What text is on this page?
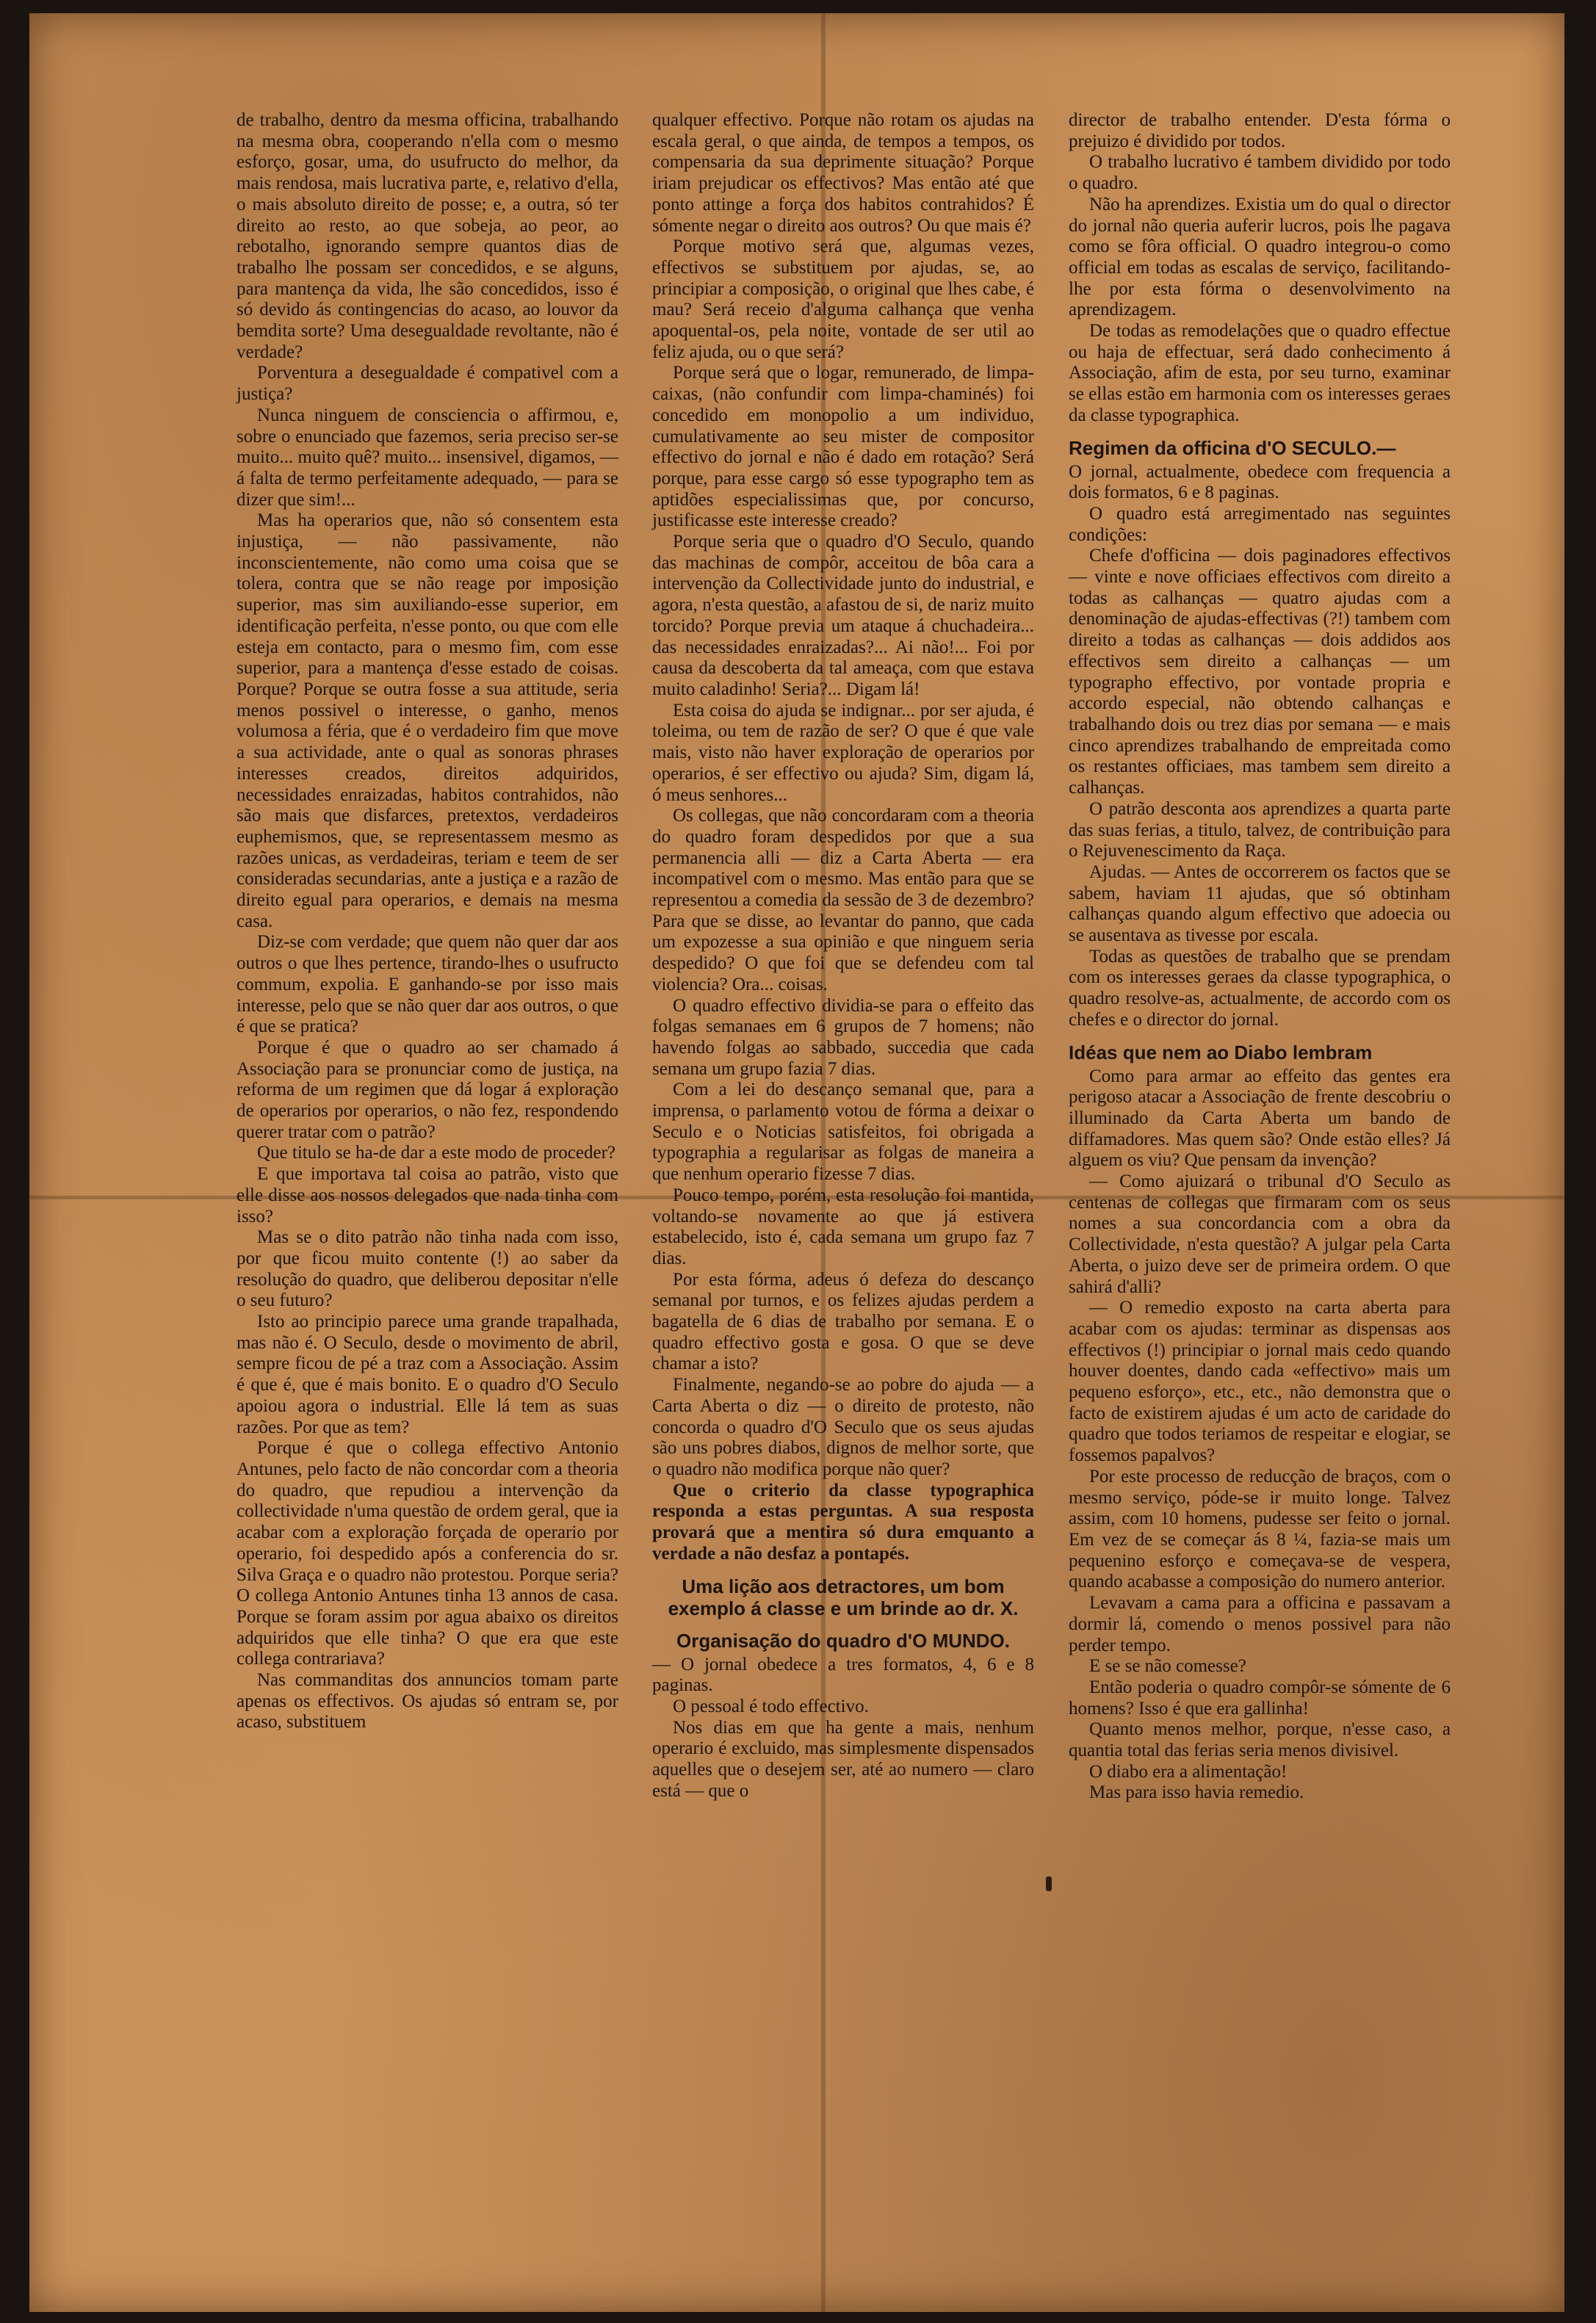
de trabalho, dentro da mesma officina, trabalhando na mesma obra, cooperando n'ella com o mesmo esforço, gosar, uma, do usufructo do melhor, da mais rendosa, mais lucrativa parte, e, relativo d'ella, o mais absoluto direito de posse; e, a outra, só ter direito ao resto, ao que sobeja, ao peor, ao rebotalho, ignorando sempre quantos dias de trabalho lhe possam ser concedidos, e se alguns, para mantença da vida, lhe são concedidos, isso é só devido ás contingencias do acaso, ao louvor da bemdita sorte? Uma desegualdade revoltante, não é verdade?

Porventura a desegualdade é compativel com a justiça?

Nunca ninguem de consciencia o affirmou, e, sobre o enunciado que fazemos, seria preciso ser-se muito... muito quê? muito... insensivel, digamos, — á falta de termo perfeitamente adequado, — para se dizer que sim!...

Mas ha operarios que, não só consentem esta injustiça, — não passivamente, não inconscientemente, não como uma coisa que se tolera, contra que se não reage por imposição superior, mas sim auxiliando-esse superior, em identificação perfeita, n'esse ponto, ou que com elle esteja em contacto, para o mesmo fim, com esse superior, para a mantença d'esse estado de coisas. Porque? Porque se outra fosse a sua attitude, seria menos possivel o interesse, o ganho, menos volumosa a féria, que é o verdadeiro fim que move a sua actividade, ante o qual as sonoras phrases interesses creados, direitos adquiridos, necessidades enraizadas, habitos contrahidos, não são mais que disfarces, pretextos, verdadeiros euphemismos, que, se representassem mesmo as razões unicas, as verdadeiras, teriam e teem de ser consideradas secundarias, ante a justiça e a razão de direito egual para operarios, e demais na mesma casa.

Diz-se com verdade; que quem não quer dar aos outros o que lhes pertence, tirando-lhes o usufructo commum, expolia. E ganhando-se por isso mais interesse, pelo que se não quer dar aos outros, o que é que se pratica?

Porque é que o quadro ao ser chamado á Associação para se pronunciar como de justiça, na reforma de um regimen que dá logar á exploração de operarios por operarios, o não fez, respondendo querer tratar com o patrão?

Que titulo se ha-de dar a este modo de proceder?

E que importava tal coisa ao patrão, visto que elle disse aos nossos delegados que nada tinha com isso?

Mas se o dito patrão não tinha nada com isso, por que ficou muito contente (!) ao saber da resolução do quadro, que deliberou depositar n'elle o seu futuro?

Isto ao principio parece uma grande trapalhada, mas não é. O Seculo, desde o movimento de abril, sempre ficou de pé a traz com a Associação. Assim é que é, que é mais bonito. E o quadro d'O Seculo apoiou agora o industrial. Elle lá tem as suas razões. Por que as tem?

Porque é que o collega effectivo Antonio Antunes, pelo facto de não concordar com a theoria do quadro, que repudiou a intervenção da collectividade n'uma questão de ordem geral, que ia acabar com a exploração forçada de operario por operario, foi despedido após a conferencia do sr. Silva Graça e o quadro não protestou. Porque seria? O collega Antonio Antunes tinha 13 annos de casa. Porque se foram assim por agua abaixo os direitos adquiridos que elle tinha? O que era que este collega contrariava?

Nas commanditas dos annuncios tomam parte apenas os effectivos. Os ajudas só entram se, por acaso, substituem

qualquer effectivo. Porque não rotam os ajudas na escala geral, o que ainda, de tempos a tempos, os compensaria da sua deprimente situação? Porque iriam prejudicar os effectivos? Mas então até que ponto attinge a força dos habitos contrahidos? É sómente negar o direito aos outros? Ou que mais é?

Porque motivo será que, algumas vezes, effectivos se substituem por ajudas, se, ao principiar a composição, o original que lhes cabe, é mau? Será receio d'alguma calhança que venha apoquental-os, pela noite, vontade de ser util ao feliz ajuda, ou o que será?

Porque será que o logar, remunerado, de limpa-caixas, (não confundir com limpa-chaminés) foi concedido em monopolio a um individuo, cumulativamente ao seu mister de compositor effectivo do jornal e não é dado em rotação? Será porque, para esse cargo só esse typographo tem as aptidões especialissimas que, por concurso, justificasse este interesse creado?

Porque seria que o quadro d'O Seculo, quando das machinas de compôr, acceitou de bôa cara a intervenção da Collectividade junto do industrial, e agora, n'esta questão, a afastou de si, de nariz muito torcido? Porque previa um ataque á chuchadeira... das necessidades enraizadas?... Ai não!... Foi por causa da descoberta da tal ameaça, com que estava muito caladinho! Seria?... Digam lá!

Esta coisa do ajuda se indignar... por ser ajuda, é toleima, ou tem de razão de ser? O que é que vale mais, visto não haver exploração de operarios por operarios, é ser effectivo ou ajuda? Sim, digam lá, ó meus senhores...

Os collegas, que não concordaram com a theoria do quadro foram despedidos por que a sua permanencia alli — diz a Carta Aberta — era incompativel com o mesmo. Mas então para que se representou a comedia da sessão de 3 de dezembro? Para que se disse, ao levantar do panno, que cada um expozesse a sua opinião e que ninguem seria despedido? O que foi que se defendeu com tal violencia? Ora... coisas.

O quadro effectivo dividia-se para o effeito das folgas semanaes em 6 grupos de 7 homens; não havendo folgas ao sabbado, succedia que cada semana um grupo fazia 7 dias.

Com a lei do descanço semanal que, para a imprensa, o parlamento votou de fórma a deixar o Seculo e o Noticias satisfeitos, foi obrigada a typographia a regularisar as folgas de maneira a que nenhum operario fizesse 7 dias.

Pouco tempo, porém, esta resolução foi mantida, voltando-se novamente ao que já estivera estabelecido, isto é, cada semana um grupo faz 7 dias.

Por esta fórma, adeus ó defeza do descanço semanal por turnos, e os felizes ajudas perdem a bagatella de 6 dias de trabalho por semana. E o quadro effectivo gosta e gosa. O que se deve chamar a isto?

Finalmente, negando-se ao pobre do ajuda — a Carta Aberta o diz — o direito de protesto, não concorda o quadro d'O Seculo que os seus ajudas são uns pobres diabos, dignos de melhor sorte, que o quadro não modifica porque não quer?

Que o criterio da classe typographica responda a estas perguntas. A sua resposta provará que a mentira só dura emquanto a verdade a não desfaz a pontapés.

Uma lição aos detractores, um bom exemplo á classe e um brinde ao dr. X.
Organisação do quadro d'O MUNDO.

— O jornal obedece a tres formatos, 4, 6 e 8 paginas.

O pessoal é todo effectivo.

Nos dias em que ha gente a mais, nenhum operario é excluido, mas simplesmente dispensados aquelles que o desejem ser, até ao numero — claro está — que o

director de trabalho entender. D'esta fórma o prejuizo é dividido por todos.

O trabalho lucrativo é tambem dividido por todo o quadro.

Não ha aprendizes. Existia um do qual o director do jornal não queria auferir lucros, pois lhe pagava como se fôra official. O quadro integrou-o como official em todas as escalas de serviço, facilitando-lhe por esta fórma o desenvolvimento na aprendizagem.

De todas as remodelações que o quadro effectue ou haja de effectuar, será dado conhecimento á Associação, afim de esta, por seu turno, examinar se ellas estão em harmonia com os interesses geraes da classe typographica.

Regimen da officina d'O SECULO.—

O jornal, actualmente, obedece com frequencia a dois formatos, 6 e 8 paginas.

O quadro está arregimentado nas seguintes condições:

Chefe d'officina — dois paginadores effectivos — vinte e nove officiaes effectivos com direito a todas as calhanças — quatro ajudas com a denominação de ajudas-effectivas (?!) tambem com direito a todas as calhanças — dois addidos aos effectivos sem direito a calhanças — um typographo effectivo, por vontade propria e accordo especial, não obtendo calhanças e trabalhando dois ou trez dias por semana — e mais cinco aprendizes trabalhando de empreitada como os restantes officiaes, mas tambem sem direito a calhanças.

O patrão desconta aos aprendizes a quarta parte das suas ferias, a titulo, talvez, de contribuição para o Rejuvenescimento da Raça.

Ajudas. — Antes de occorrerem os factos que se sabem, haviam 11 ajudas, que só obtinham calhanças quando algum effectivo que adoecia ou se ausentava as tivesse por escala.

Todas as questões de trabalho que se prendam com os interesses geraes da classe typographica, o quadro resolve-as, actualmente, de accordo com os chefes e o director do jornal.

Idéas que nem ao Diabo lembram

Como para armar ao effeito das gentes era perigoso atacar a Associação de frente descobriu o illuminado da Carta Aberta um bando de diffamadores. Mas quem são? Onde estão elles? Já alguem os viu? Que pensam da invenção?

— Como ajuizará o tribunal d'O Seculo as centenas de collegas que firmaram com os seus nomes a sua concordancia com a obra da Collectividade, n'esta questão? A julgar pela Carta Aberta, o juizo deve ser de primeira ordem. O que sahirá d'alli?

— O remedio exposto na carta aberta para acabar com os ajudas: terminar as dispensas aos effectivos (!) principiar o jornal mais cedo quando houver doentes, dando cada «effectivo» mais um pequeno esforço», etc., etc., não demonstra que o facto de existirem ajudas é um acto de caridade do quadro que todos teriamos de respeitar e elogiar, se fossemos papalvos?

Por este processo de reducção de braços, com o mesmo serviço, póde-se ir muito longe. Talvez assim, com 10 homens, pudesse ser feito o jornal. Em vez de se começar ás 8 ¼, fazia-se mais um pequenino esforço e começava-se de vespera, quando acabasse a composição do numero anterior.

Levavam a cama para a officina e passavam a dormir lá, comendo o menos possivel para não perder tempo.

E se se não comesse?

Então poderia o quadro compôr-se sómente de 6 homens? Isso é que era gallinha!

Quanto menos melhor, porque, n'esse caso, a quantia total das ferias seria menos divisivel.

O diabo era a alimentação!

Mas para isso havia remedio.
